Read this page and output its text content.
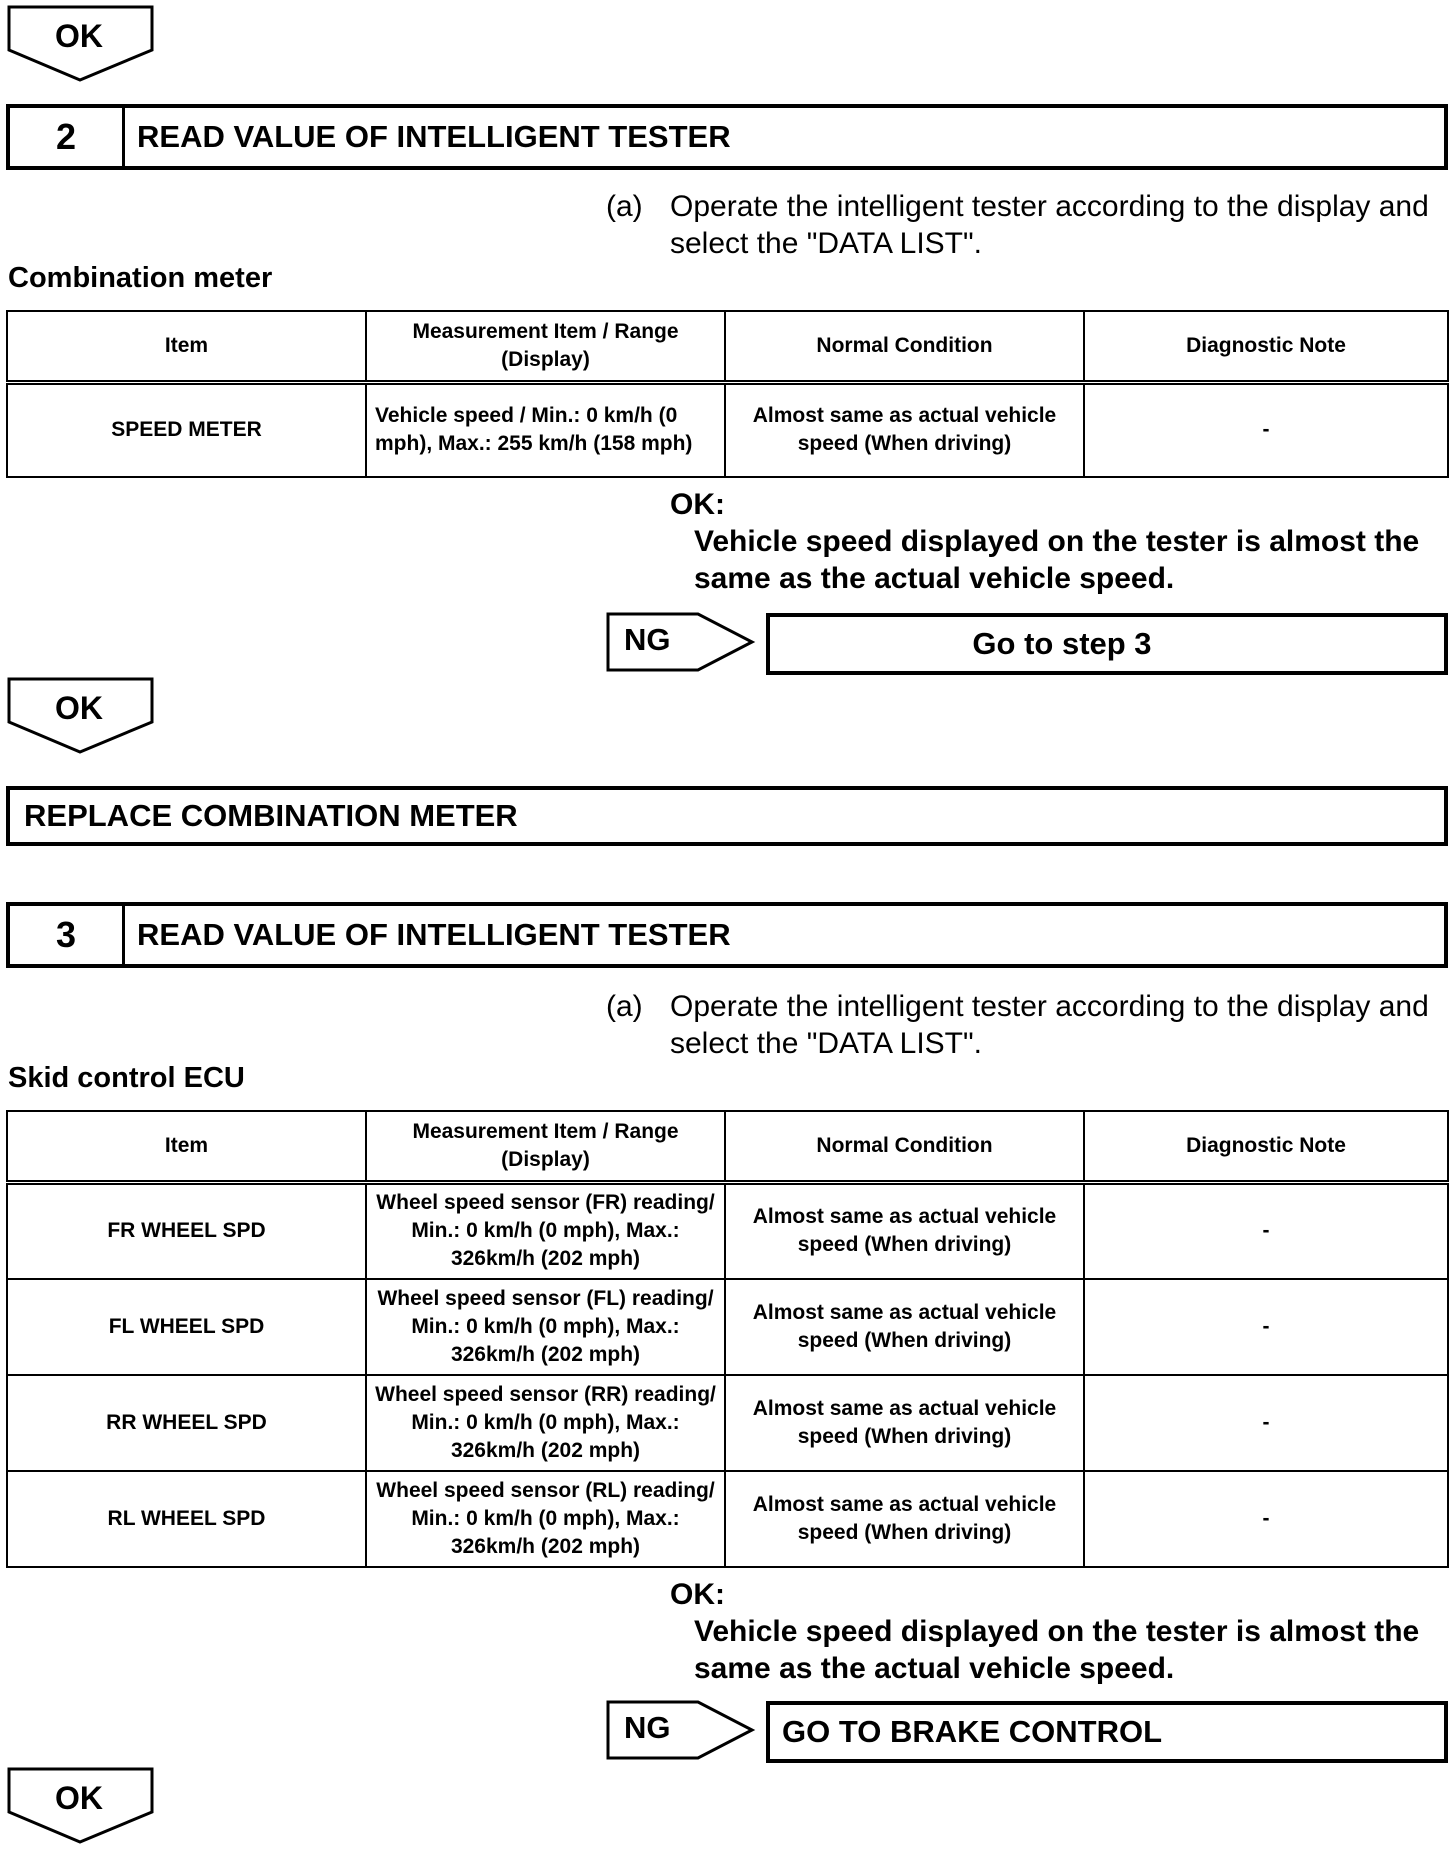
OK
2	READ VALUE OF INTELLIGENT TESTER
(a) Operate the intelligent tester according to the display and select the "DATA LIST".
Combination meter
Item	Measurement Item / Range (Display)	Normal Condition	Diagnostic Note
SPEED METER	Vehicle speed / Min.: 0 km/h (0 mph), Max.: 255 km/h (158 mph)	Almost same as actual vehicle speed (When driving)	-
OK:
Vehicle speed displayed on the tester is almost the same as the actual vehicle speed.
NG	Go to step 3
OK
REPLACE COMBINATION METER
3	READ VALUE OF INTELLIGENT TESTER
(a) Operate the intelligent tester according to the display and select the "DATA LIST".
Skid control ECU
Item	Measurement Item / Range (Display)	Normal Condition	Diagnostic Note
FR WHEEL SPD	Wheel speed sensor (FR) reading/ Min.: 0 km/h (0 mph), Max.: 326km/h (202 mph)	Almost same as actual vehicle speed (When driving)	-
FL WHEEL SPD	Wheel speed sensor (FL) reading/ Min.: 0 km/h (0 mph), Max.: 326km/h (202 mph)	Almost same as actual vehicle speed (When driving)	-
RR WHEEL SPD	Wheel speed sensor (RR) reading/ Min.: 0 km/h (0 mph), Max.: 326km/h (202 mph)	Almost same as actual vehicle speed (When driving)	-
RL WHEEL SPD	Wheel speed sensor (RL) reading/ Min.: 0 km/h (0 mph), Max.: 326km/h (202 mph)	Almost same as actual vehicle speed (When driving)	-
OK:
Vehicle speed displayed on the tester is almost the same as the actual vehicle speed.
NG	GO TO BRAKE CONTROL
OK
